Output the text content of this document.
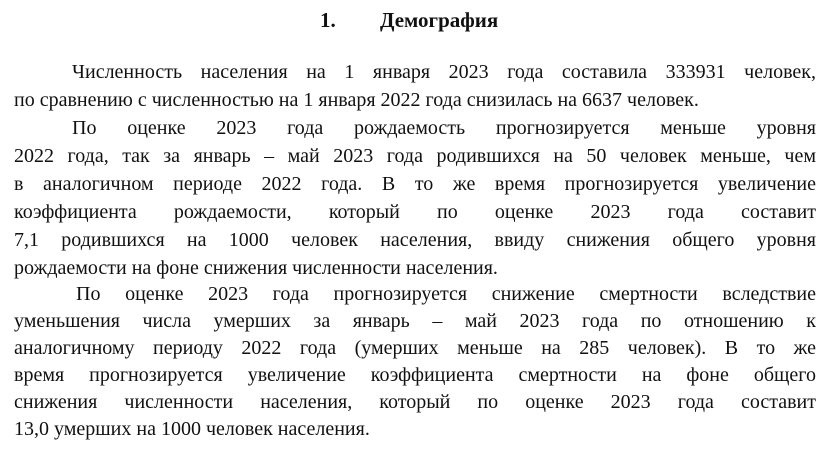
1. Демография
Численность населения на 1 января 2023 года составила 333931 человек,
по сравнению с численностью на 1 января 2022 года снизилась на 6637 человек.
По оценке 2023 года рождаемость прогнозируется меньше уровня
2022 года, так за январь – май 2023 года родившихся на 50 человек меньше, чем
в аналогичном периоде 2022 года. В то же время прогнозируется увеличение
коэффициента рождаемости, который по оценке 2023 года составит
7,1 родившихся на 1000 человек населения, ввиду снижения общего уровня
рождаемости на фоне снижения численности населения.
По оценке 2023 года прогнозируется снижение смертности вследствие
уменьшения числа умерших за январь – май 2023 года по отношению к
аналогичному периоду 2022 года (умерших меньше на 285 человек). В то же
время прогнозируется увеличение коэффициента смертности на фоне общего
снижения численности населения, который по оценке 2023 года составит
13,0 умерших на 1000 человек населения.
